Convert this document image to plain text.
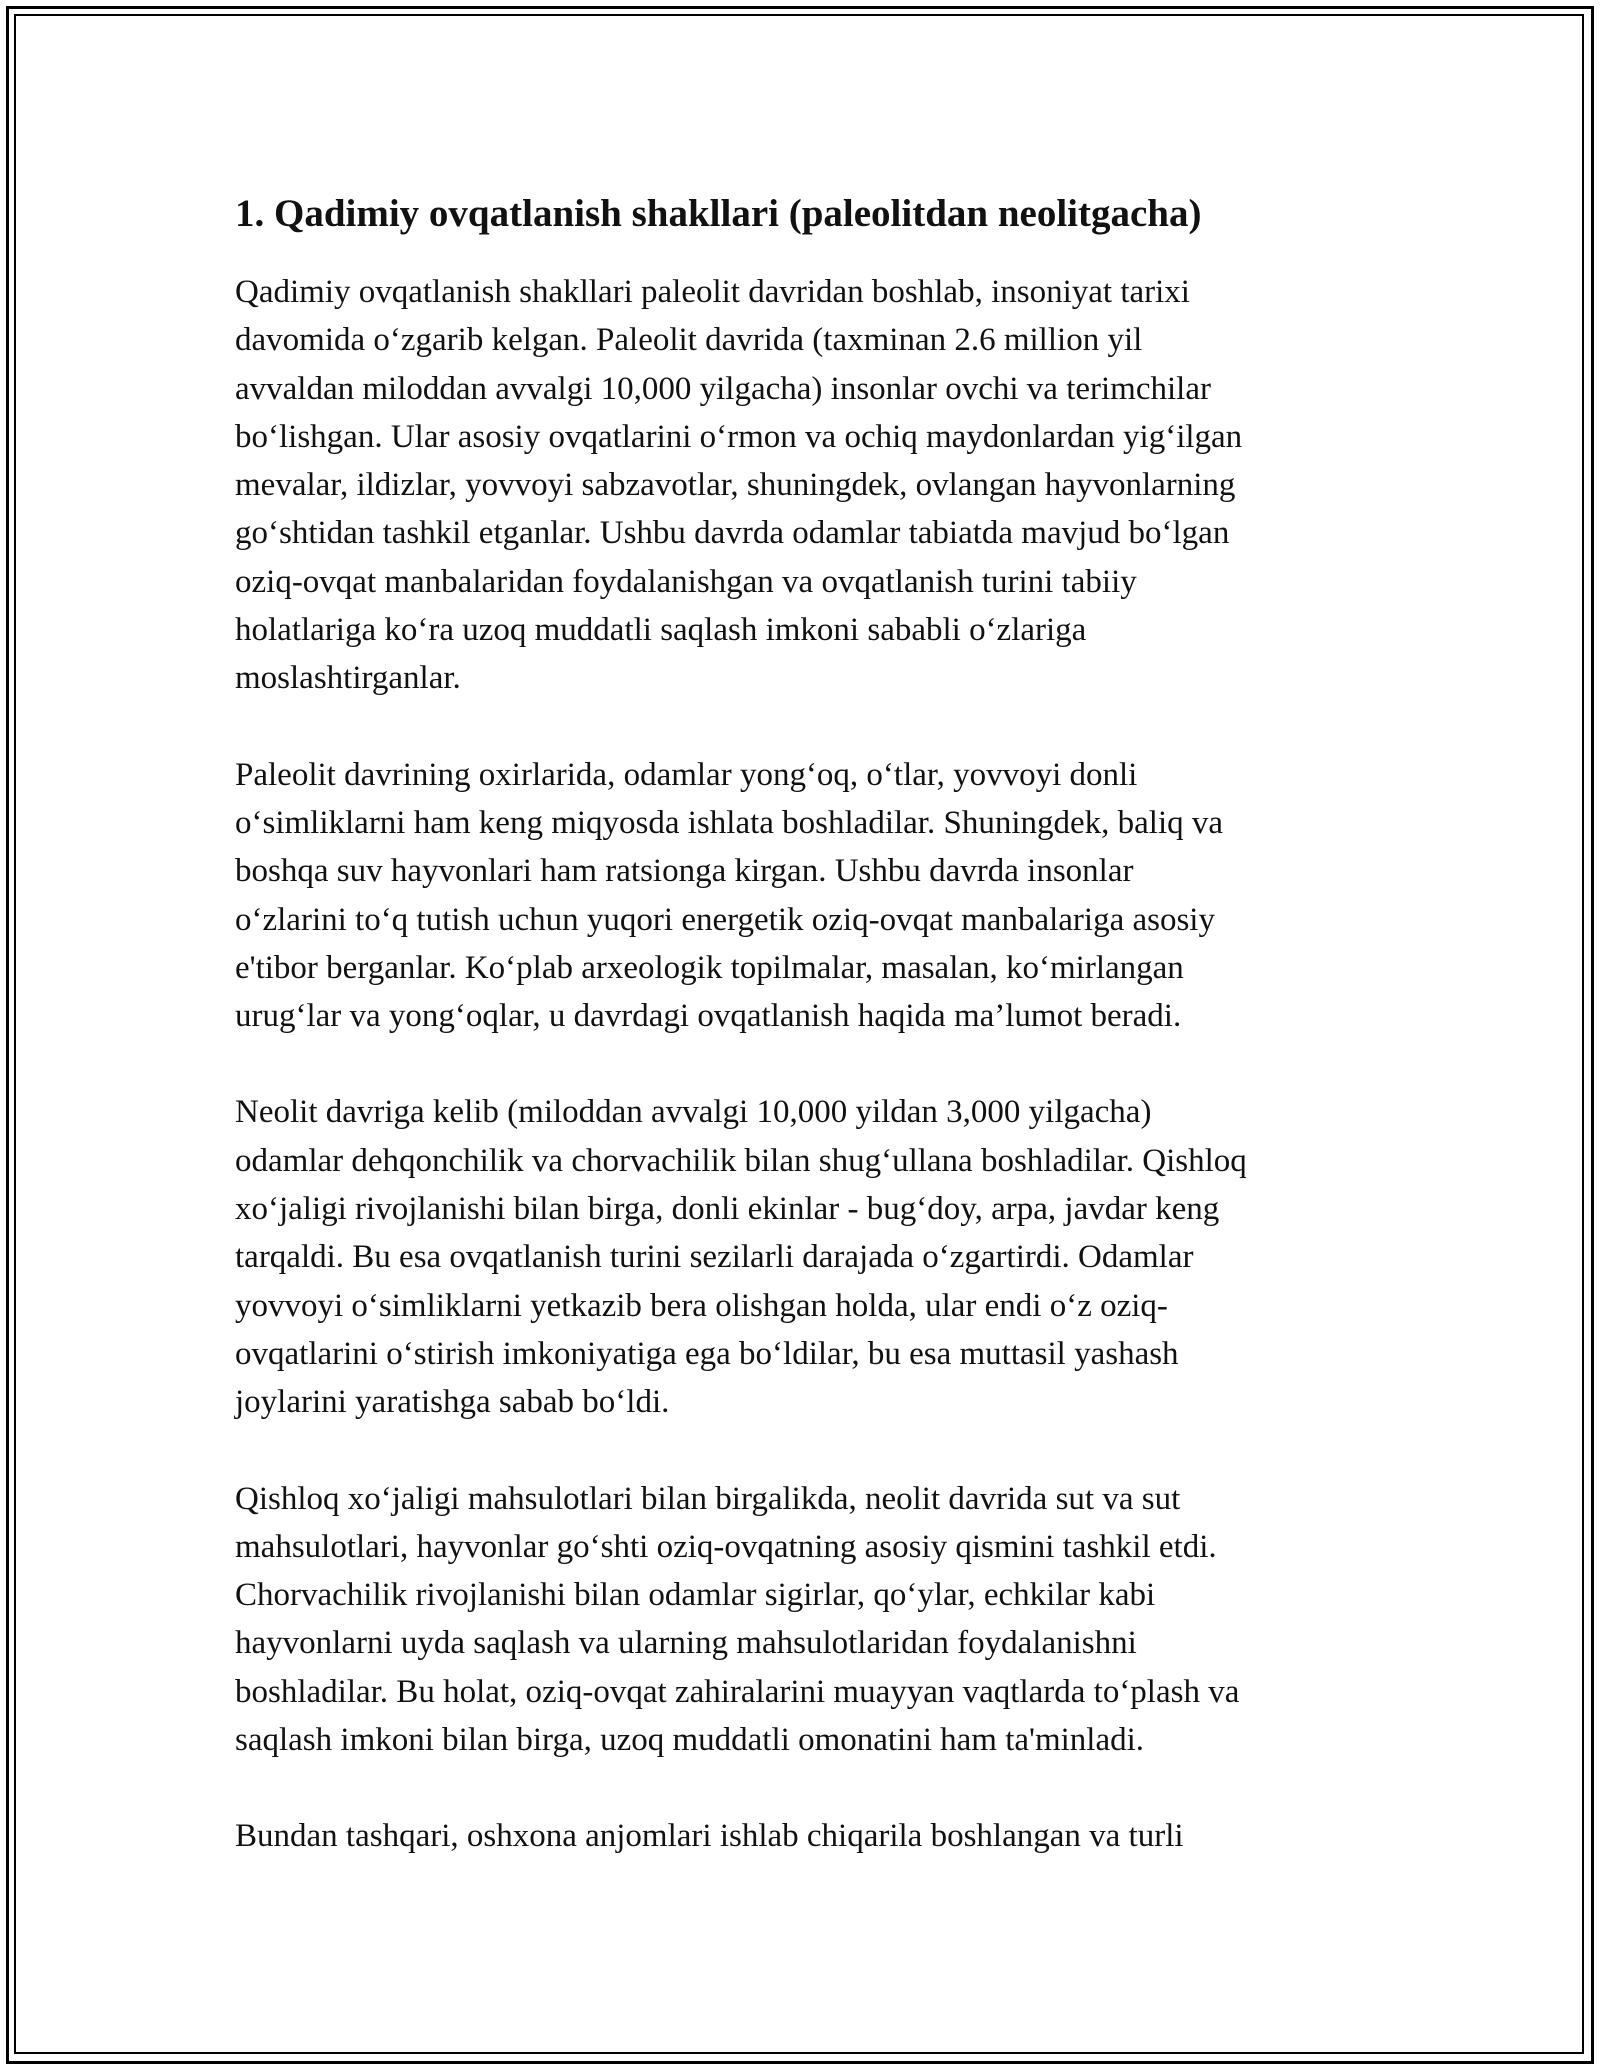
1. Qadimiy ovqatlanish shakllari (paleolitdan neolitgacha)

Qadimiy ovqatlanish shakllari paleolit davridan boshlab, insoniyat tarixi
davomida o‘zgarib kelgan. Paleolit davrida (taxminan 2.6 million yil
avvaldan miloddan avvalgi 10,000 yilgacha) insonlar ovchi va terimchilar
bo‘lishgan. Ular asosiy ovqatlarini o‘rmon va ochiq maydonlardan yig‘ilgan
mevalar, ildizlar, yovvoyi sabzavotlar, shuningdek, ovlangan hayvonlarning
go‘shtidan tashkil etganlar. Ushbu davrda odamlar tabiatda mavjud bo‘lgan
oziq-ovqat manbalaridan foydalanishgan va ovqatlanish turini tabiiy
holatlariga ko‘ra uzoq muddatli saqlash imkoni sababli o‘zlariga
moslashtirganlar.

Paleolit davrining oxirlarida, odamlar yong‘oq, o‘tlar, yovvoyi donli
o‘simliklarni ham keng miqyosda ishlata boshladilar. Shuningdek, baliq va
boshqa suv hayvonlari ham ratsionga kirgan. Ushbu davrda insonlar
o‘zlarini to‘q tutish uchun yuqori energetik oziq-ovqat manbalariga asosiy
e'tibor berganlar. Ko‘plab arxeologik topilmalar, masalan, ko‘mirlangan
urug‘lar va yong‘oqlar, u davrdagi ovqatlanish haqida ma’lumot beradi.

Neolit davriga kelib (miloddan avvalgi 10,000 yildan 3,000 yilgacha)
odamlar dehqonchilik va chorvachilik bilan shug‘ullana boshladilar. Qishloq
xo‘jaligi rivojlanishi bilan birga, donli ekinlar - bug‘doy, arpa, javdar keng
tarqaldi. Bu esa ovqatlanish turini sezilarli darajada o‘zgartirdi. Odamlar
yovvoyi o‘simliklarni yetkazib bera olishgan holda, ular endi o‘z oziq-
ovqatlarini o‘stirish imkoniyatiga ega bo‘ldilar, bu esa muttasil yashash
joylarini yaratishga sabab bo‘ldi.

Qishloq xo‘jaligi mahsulotlari bilan birgalikda, neolit davrida sut va sut
mahsulotlari, hayvonlar go‘shti oziq-ovqatning asosiy qismini tashkil etdi.
Chorvachilik rivojlanishi bilan odamlar sigirlar, qo‘ylar, echkilar kabi
hayvonlarni uyda saqlash va ularning mahsulotlaridan foydalanishni
boshladilar. Bu holat, oziq-ovqat zahiralarini muayyan vaqtlarda to‘plash va
saqlash imkoni bilan birga, uzoq muddatli omonatini ham ta'minladi.

Bundan tashqari, oshxona anjomlari ishlab chiqarila boshlangan va turli
